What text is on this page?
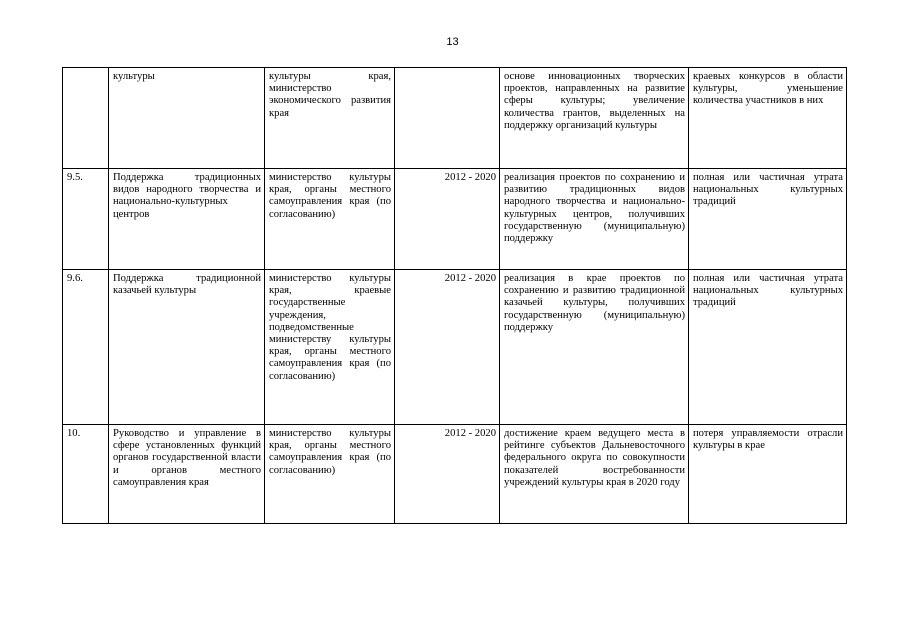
13
	культуры	культуры края, министерство экономического развития края		основе инновационных творческих проектов, направленных на развитие сферы культуры; увеличение количества грантов, выделенных на поддержку организаций культуры	краевых конкурсов в области культуры, уменьшение количества участников в них
9.5.	Поддержка традиционных видов народного творчества и национально-культурных центров	министерство культуры края, органы местного самоуправления края (по согласованию)	2012 - 2020	реализация проектов по сохранению и развитию традиционных видов народного творчества и национально-культурных центров, получивших государственную (муниципальную) поддержку	полная или частичная утрата национальных культурных традиций
9.6.	Поддержка традиционной казачьей культуры	министерство культуры края, краевые государственные учреждения, подведомственные министерству культуры края, органы местного самоуправления края (по согласованию)	2012 - 2020	реализация в крае проектов по сохранению и развитию традиционной казачьей культуры, получивших государственную (муниципальную) поддержку	полная или частичная утрата национальных культурных традиций
10.	Руководство и управление в сфере установленных функций органов государственной власти и органов местного самоуправления края	министерство культуры края, органы местного самоуправления края (по согласованию)	2012 - 2020	достижение краем ведущего места в рейтинге субъектов Дальневосточного федерального округа по совокупности показателей востребованности учреждений культуры края в 2020 году	потеря управляемости отрасли культуры в крае
